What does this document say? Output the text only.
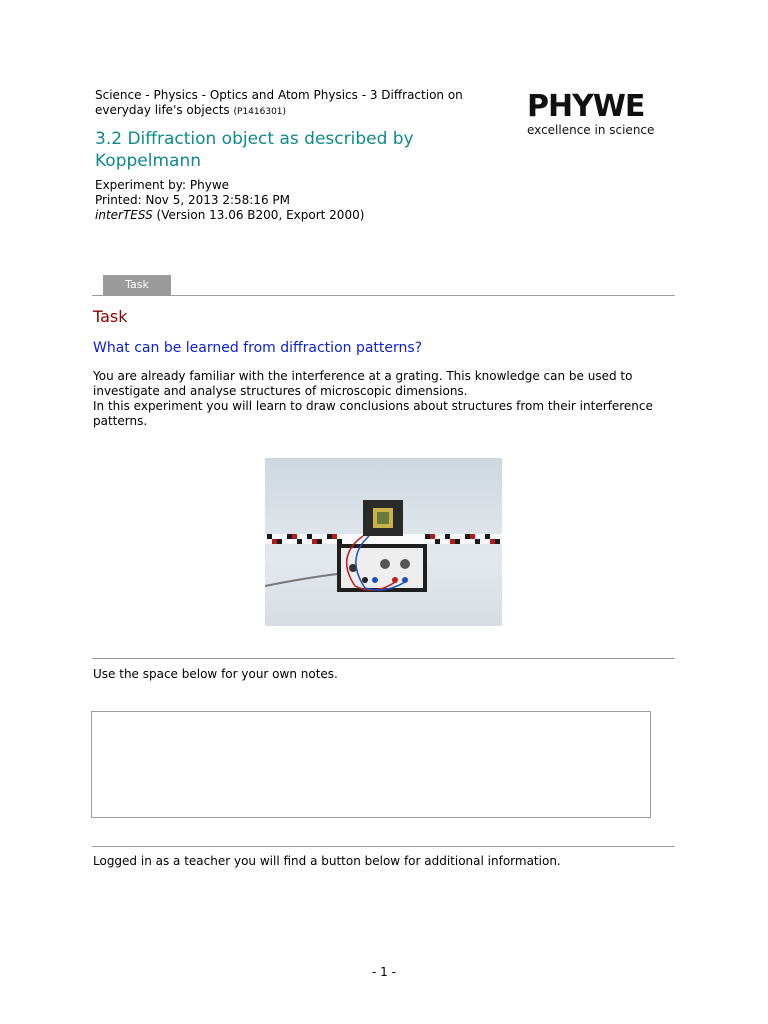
Science - Physics - Optics and Atom Physics - 3 Diffraction on everyday life's objects (P1416301)
3.2 Diffraction object as described by Koppelmann
Experiment by: Phywe
Printed: Nov 5, 2013 2:58:16 PM
interTESS (Version 13.06 B200, Export 2000)
PHYWE
excellence in science
Task
Task
What can be learned from diffraction patterns?
You are already familiar with the interference at a grating. This knowledge can be used to investigate and analyse structures of microscopic dimensions.
In this experiment you will learn to draw conclusions about structures from their interference patterns.
Use the space below for your own notes.
Logged in as a teacher you will find a button below for additional information.
- 1 -
